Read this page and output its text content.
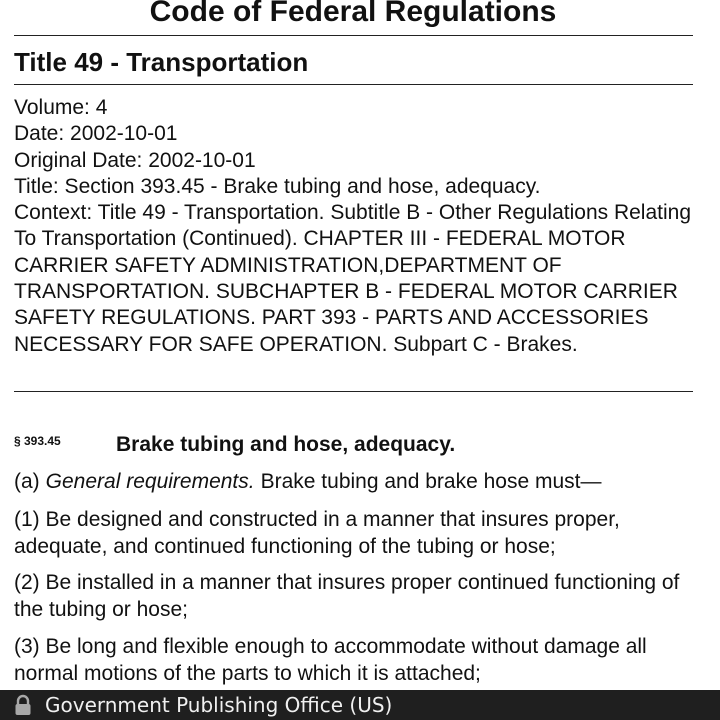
Code of Federal Regulations
Title 49 - Transportation
Volume: 4
Date: 2002-10-01
Original Date: 2002-10-01
Title: Section 393.45 - Brake tubing and hose, adequacy.
Context: Title 49 - Transportation. Subtitle B - Other Regulations Relating To Transportation (Continued). CHAPTER III - FEDERAL MOTOR CARRIER SAFETY ADMINISTRATION,DEPARTMENT OF TRANSPORTATION. SUBCHAPTER B - FEDERAL MOTOR CARRIER SAFETY REGULATIONS. PART 393 - PARTS AND ACCESSORIES NECESSARY FOR SAFE OPERATION. Subpart C - Brakes.
§ 393.45	Brake tubing and hose, adequacy.
(a) General requirements. Brake tubing and brake hose must—
(1) Be designed and constructed in a manner that insures proper, adequate, and continued functioning of the tubing or hose;
(2) Be installed in a manner that insures proper continued functioning of the tubing or hose;
(3) Be long and flexible enough to accommodate without damage all normal motions of the parts to which it is attached;
Government Publishing Office (US)
